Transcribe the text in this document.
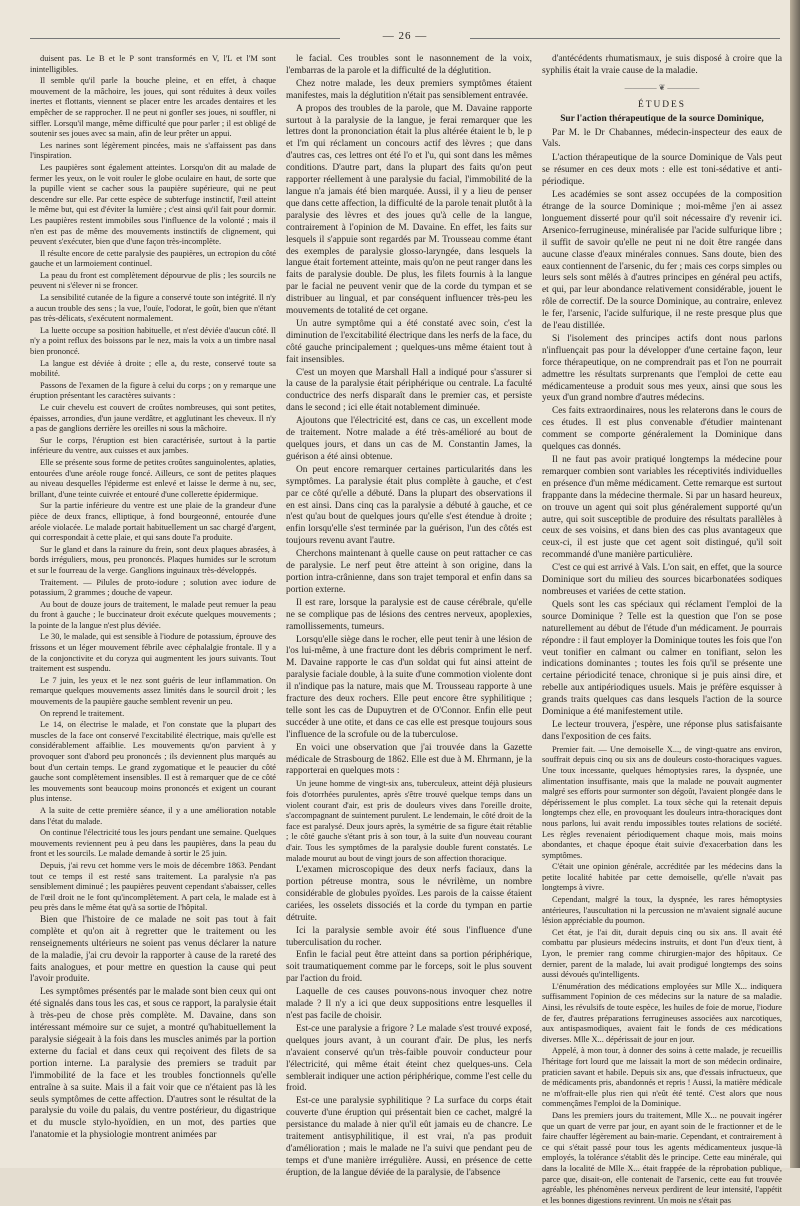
— 26 —

duisent pas. Le B et le P sont transformés en V, l'L et l'M sont inintelligibles.

Il semble qu'il parle la bouche pleine, et en effet, à chaque mouvement de la mâchoire, les joues, qui sont réduites à deux voiles inertes et flottants, viennent se placer entre les arcades dentaires et les empêcher de se rapprocher. Il ne peut ni gonfler ses joues, ni souffler, ni siffler. Lorsqu'il mange, même difficulté que pour parler ; il est obligé de soutenir ses joues avec sa main, afin de leur prêter un appui.

Les narines sont légèrement pincées, mais ne s'affaissent pas dans l'inspiration.

Les paupières sont également atteintes. Lorsqu'on dit au malade de fermer les yeux, on le voit rouler le globe oculaire en haut, de sorte que la pupille vient se cacher sous la paupière supérieure, qui ne peut descendre sur elle. Par cette espèce de subterfuge instinctif, l'œil atteint le même but, qui est d'éviter la lumière ; c'est ainsi qu'il fait pour dormir. Les paupières restent immobiles sous l'influence de la volonté ; mais il n'en est pas de même des mouvements instinctifs de clignement, qui peuvent s'exécuter, bien que d'une façon très-incomplète.

Il résulte encore de cette paralysie des paupières, un ectropion du côté gauche et un larmoiement continuel.

La peau du front est complètement dépourvue de plis ; les sourcils ne peuvent ni s'élever ni se froncer.

La sensibilité cutanée de la figure a conservé toute son intégrité. Il n'y a aucun trouble des sens ; la vue, l'ouïe, l'odorat, le goût, bien que n'étant pas très-délicats, s'exécutent normalement.

La luette occupe sa position habituelle, et n'est déviée d'aucun côté. Il n'y a point reflux des boissons par le nez, mais la voix a un timbre nasal bien prononcé.

La langue est déviée à droite ; elle a, du reste, conservé toute sa mobilité.

Passons de l'examen de la figure à celui du corps ; on y remarque une éruption présentant les caractères suivants :

Le cuir chevelu est couvert de croûtes nombreuses, qui sont petites, épaisses, arrondies, d'un jaune verdâtre, et agglutinant les cheveux. Il n'y a pas de ganglions derrière les oreilles ni sous la mâchoire.

Sur le corps, l'éruption est bien caractérisée, surtout à la partie inférieure du ventre, aux cuisses et aux jambes.

Elle se présente sous forme de petites croûtes sanguinolentes, aplaties, entourées d'une aréole rouge foncé. Ailleurs, ce sont de petites plaques au niveau desquelles l'épiderme est enlevé et laisse le derme à nu, sec, brillant, d'une teinte cuivrée et entouré d'une collerette épidermique.

Sur la partie inférieure du ventre est une plaie de la grandeur d'une pièce de deux francs, elliptique, à fond bourgeonné, entourée d'une aréole violacée. Le malade portait habituellement un sac chargé d'argent, qui correspondait à cette plaie, et qui sans doute l'a produite.

Sur le gland et dans la rainure du frein, sont deux plaques abrasées, à bords irréguliers, mous, peu prononcés. Plaques humides sur le scrotum et sur le fourreau de la verge. Ganglions inguinaux très-développés.

Traitement. — Pilules de proto-iodure ; solution avec iodure de potassium, 2 grammes ; douche de vapeur.

Au bout de douze jours de traitement, le malade peut remuer la peau du front à gauche ; le buccinateur droit exécute quelques mouvements ; la pointe de la langue n'est plus déviée.

Le 30, le malade, qui est sensible à l'iodure de potassium, éprouve des frissons et un léger mouvement fébrile avec céphalalgie frontale. Il y a de la conjonctivite et du coryza qui augmentent les jours suivants. Tout traitement est suspendu.

Le 7 juin, les yeux et le nez sont guéris de leur inflammation. On remarque quelques mouvements assez limités dans le sourcil droit ; les mouvements de la paupière gauche semblent revenir un peu.

On reprend le traitement.

Le 14, on électrise le malade, et l'on constate que la plupart des muscles de la face ont conservé l'excitabilité électrique, mais qu'elle est considérablement affaiblie. Les mouvements qu'on parvient à y provoquer sont d'abord peu prononcés ; ils deviennent plus marqués au bout d'un certain temps. Le grand zygomatique et le peaucier du côté gauche sont complètement insensibles. Il est à remarquer que de ce côté les mouvements sont beaucoup moins prononcés et exigent un courant plus intense.

A la suite de cette première séance, il y a une amélioration notable dans l'état du malade.

On continue l'électricité tous les jours pendant une semaine. Quelques mouvements reviennent peu à peu dans les paupières, dans la peau du front et les sourcils. Le malade demande à sortir le 25 juin.

Depuis, j'ai revu cet homme vers le mois de décembre 1863. Pendant tout ce temps il est resté sans traitement. La paralysie n'a pas sensiblement diminué ; les paupières peuvent cependant s'abaisser, celles de l'œil droit ne le font qu'incomplètement. A part cela, le malade est à peu près dans le même état qu'à sa sortie de l'hôpital.

Bien que l'histoire de ce malade ne soit pas tout à fait complète et qu'on ait à regretter que le traitement ou les renseignements ultérieurs ne soient pas venus déclarer la nature de la maladie, j'ai cru devoir la rapporter à cause de la rareté des faits analogues, et pour mettre en question la cause qui peut l'avoir produite.

Les symptômes présentés par le malade sont bien ceux qui ont été signalés dans tous les cas, et sous ce rapport, la paralysie était à très-peu de chose près complète. M. Davaine, dans son intéressant mémoire sur ce sujet, a montré qu'habituellement la paralysie siégeait à la fois dans les muscles animés par la portion externe du facial et dans ceux qui reçoivent des filets de sa portion interne. La paralysie des premiers se traduit par l'immobilité de la face et les troubles fonctionnels qu'elle entraîne à sa suite. Mais il a fait voir que ce n'étaient pas là les seuls symptômes de cette affection. D'autres sont le résultat de la paralysie du voile du palais, du ventre postérieur, du digastrique et du muscle stylo-hyoïdien, en un mot, des parties que l'anatomie et la physiologie montrent animées par

le facial. Ces troubles sont le nasonnement de la voix, l'embarras de la parole et la difficulté de la déglutition.

Chez notre malade, les deux premiers symptômes étaient manifestes, mais la déglutition n'était pas sensiblement entravée.

A propos des troubles de la parole, que M. Davaine rapporte surtout à la paralysie de la langue, je ferai remarquer que les lettres dont la prononciation était la plus altérée étaient le b, le p et l'm qui réclament un concours actif des lèvres ; que dans d'autres cas, ces lettres ont été l'o et l'u, qui sont dans les mêmes conditions. D'autre part, dans la plupart des faits qu'on peut rapporter réellement à une paralysie du facial, l'immobilité de la langue n'a jamais été bien marquée. Aussi, il y a lieu de penser que dans cette affection, la difficulté de la parole tenait plutôt à la paralysie des lèvres et des joues qu'à celle de la langue, contrairement à l'opinion de M. Davaine. En effet, les faits sur lesquels il s'appuie sont regardés par M. Trousseau comme étant des exemples de paralysie glosso-laryngée, dans lesquels la langue était fortement atteinte, mais qu'on ne peut ranger dans les faits de paralysie double. De plus, les filets fournis à la langue par le facial ne peuvent venir que de la corde du tympan et se distribuer au lingual, et par conséquent influencer très-peu les mouvements de totalité de cet organe.

Un autre symptôme qui a été constaté avec soin, c'est la diminution de l'excitabilité électrique dans les nerfs de la face, du côté gauche principalement ; quelques-uns même étaient tout à fait insensibles.

C'est un moyen que Marshall Hall a indiqué pour s'assurer si la cause de la paralysie était périphérique ou centrale. La faculté conductrice des nerfs disparaît dans le premier cas, et persiste dans le second ; ici elle était notablement diminuée.

Ajoutons que l'électricité est, dans ce cas, un excellent mode de traitement. Notre malade a été très-amélioré au bout de quelques jours, et dans un cas de M. Constantin James, la guérison a été ainsi obtenue.

On peut encore remarquer certaines particularités dans les symptômes. La paralysie était plus complète à gauche, et c'est par ce côté qu'elle a débuté. Dans la plupart des observations il en est ainsi. Dans cinq cas la paralysie a débuté à gauche, et ce n'est qu'au bout de quelques jours qu'elle s'est étendue à droite ; enfin lorsqu'elle s'est terminée par la guérison, l'un des côtés est toujours revenu avant l'autre.

Cherchons maintenant à quelle cause on peut rattacher ce cas de paralysie. Le nerf peut être atteint à son origine, dans la portion intra-crânienne, dans son trajet temporal et enfin dans sa portion externe.

Il est rare, lorsque la paralysie est de cause cérébrale, qu'elle ne se complique pas de lésions des centres nerveux, apoplexies, ramollissements, tumeurs.

Lorsqu'elle siège dans le rocher, elle peut tenir à une lésion de l'os lui-même, à une fracture dont les débris compriment le nerf. M. Davaine rapporte le cas d'un soldat qui fut ainsi atteint de paralysie faciale double, à la suite d'une commotion violente dont il n'indique pas la nature, mais que M. Trousseau rapporte à une fracture des deux rochers. Elle peut encore être syphilitique ; telle sont les cas de Dupuytren et de O'Connor. Enfin elle peut succéder à une otite, et dans ce cas elle est presque toujours sous l'influence de la scrofule ou de la tuberculose.

En voici une observation que j'ai trouvée dans la Gazette médicale de Strasbourg de 1862. Elle est due à M. Ehrmann, je la rapporterai en quelques mots :

Un jeune homme de vingt-six ans, tuberculeux, atteint déjà plusieurs fois d'otorrhées purulentes, après s'être trouvé quelque temps dans un violent courant d'air, est pris de douleurs vives dans l'oreille droite, s'accompagnant de suintement purulent. Le lendemain, le côté droit de la face est paralysé. Deux jours après, la symétrie de sa figure était rétablie ; le côté gauche s'étant pris à son tour, à la suite d'un nouveau courant d'air. Tous les symptômes de la paralysie double furent constatés. Le malade mourut au bout de vingt jours de son affection thoracique.

L'examen microscopique des deux nerfs faciaux, dans la portion pétreuse montra, sous le névrilème, un nombre considérable de globules pyoïdes. Les parois de la caisse étaient cariées, les osselets dissociés et la corde du tympan en partie détruite.

Ici la paralysie semble avoir été sous l'influence d'une tuberculisation du rocher.

Enfin le facial peut être atteint dans sa portion périphérique, soit traumatiquement comme par le forceps, soit le plus souvent par l'action du froid.

Laquelle de ces causes pouvons-nous invoquer chez notre malade ? Il n'y a ici que deux suppositions entre lesquelles il n'est pas facile de choisir.

Est-ce une paralysie a frigore ? Le malade s'est trouvé exposé, quelques jours avant, à un courant d'air. De plus, les nerfs n'avaient conservé qu'un très-faible pouvoir conducteur pour l'électricité, qui même était éteint chez quelques-uns. Cela semblerait indiquer une action périphérique, comme l'est celle du froid.

Est-ce une paralysie syphilitique ? La surface du corps était couverte d'une éruption qui présentait bien ce cachet, malgré la persistance du malade à nier qu'il eût jamais eu de chancre. Le traitement antisyphilitique, il est vrai, n'a pas produit d'amélioration ; mais le malade ne l'a suivi que pendant peu de temps et d'une manière irrégulière. Aussi, en présence de cette éruption, de la langue déviée de la paralysie, de l'absence

d'antécédents rhumatismaux, je suis disposé à croire que la syphilis était la vraie cause de la maladie.

———— ❦ ————
ÉTUDES
Sur l'action thérapeutique de la source Dominique,

Par M. le Dr Chabannes, médecin-inspecteur des eaux de Vals.

L'action thérapeutique de la source Dominique de Vals peut se résumer en ces deux mots : elle est toni-sédative et anti-périodique.

Les académies se sont assez occupées de la composition étrange de la source Dominique ; moi-même j'en ai assez longuement disserté pour qu'il soit nécessaire d'y revenir ici. Arsenico-ferrugineuse, minéralisée par l'acide sulfurique libre ; il suffit de savoir qu'elle ne peut ni ne doit être rangée dans aucune classe d'eaux minérales connues. Sans doute, bien des eaux contiennent de l'arsenic, du fer ; mais ces corps simples ou leurs sels sont mêlés à d'autres principes en général peu actifs, et qui, par leur abondance relativement considérable, jouent le rôle de correctif. De la source Dominique, au contraire, enlevez le fer, l'arsenic, l'acide sulfurique, il ne reste presque plus que de l'eau distillée.

Si l'isolement des principes actifs dont nous parlons n'influençait pas pour la développer d'une certaine façon, leur force thérapeutique, on ne comprendrait pas et l'on ne pourrait admettre les résultats surprenants que l'emploi de cette eau médicamenteuse a produit sous mes yeux, ainsi que sous les yeux d'un grand nombre d'autres médecins.

Ces faits extraordinaires, nous les relaterons dans le cours de ces études. Il est plus convenable d'étudier maintenant comment se comporte généralement la Dominique dans quelques cas donnés.

Il ne faut pas avoir pratiqué longtemps la médecine pour remarquer combien sont variables les réceptivités individuelles en présence d'un même médicament. Cette remarque est surtout frappante dans la médecine thermale. Si par un hasard heureux, on trouve un agent qui soit plus généralement supporté qu'un autre, qui soit susceptible de produire des résultats parallèles à ceux de ses voisins, et dans bien des cas plus avantageux que ceux-ci, il est juste que cet agent soit distingué, qu'il soit recommandé d'une manière particulière.

C'est ce qui est arrivé à Vals. L'on sait, en effet, que la source Dominique sort du milieu des sources bicarbonatées sodiques nombreuses et variées de cette station.

Quels sont les cas spéciaux qui réclament l'emploi de la source Dominique ? Telle est la question que l'on se pose naturellement au début de l'étude d'un médicament. Je pourrais répondre : il faut employer la Dominique toutes les fois que l'on veut tonifier en calmant ou calmer en tonifiant, selon les indications dominantes ; toutes les fois qu'il se présente une certaine périodicité tenace, chronique si je puis ainsi dire, et rebelle aux antipériodiques usuels. Mais je préfère esquisser à grands traits quelques cas dans lesquels l'action de la source Dominique a été manifestement utile.

Le lecteur trouvera, j'espère, une réponse plus satisfaisante dans l'exposition de ces faits.

Premier fait. — Une demoiselle X..., de vingt-quatre ans environ, souffrait depuis cinq ou six ans de douleurs costo-thoraciques vagues. Une toux incessante, quelques hémoptysies rares, la dyspnée, une alimentation insuffisante, mais que la malade ne pouvait augmenter malgré ses efforts pour surmonter son dégoût, l'avaient plongée dans le dépérissement le plus complet. La toux sèche qui la retenait depuis longtemps chez elle, en provoquant les douleurs intra-thoraciques dont nous parlons, lui avait rendu impossibles toutes relations de société. Les règles revenaient périodiquement chaque mois, mais moins abondantes, et chaque époque était suivie d'exacerbation dans les symptômes.

C'était une opinion générale, accréditée par les médecins dans la petite localité habitée par cette demoiselle, qu'elle n'avait pas longtemps à vivre.

Cependant, malgré la toux, la dyspnée, les rares hémoptysies antérieures, l'auscultation ni la percussion ne m'avaient signalé aucune lésion appréciable du poumon.

Cet état, je l'ai dit, durait depuis cinq ou six ans. Il avait été combattu par plusieurs médecins instruits, et dont l'un d'eux tient, à Lyon, le premier rang comme chirurgien-major des hôpitaux. Ce dernier, parent de la malade, lui avait prodigué longtemps des soins aussi dévoués qu'intelligents.

L'énumération des médications employées sur Mlle X... indiquera suffisamment l'opinion de ces médecins sur la nature de sa maladie. Ainsi, les révulsifs de toute espèce, les huiles de foie de morue, l'iodure de fer, d'autres préparations ferrugineuses associées aux narcotiques, aux antispasmodiques, avaient fait le fonds de ces médications diverses. Mlle X... dépérissait de jour en jour.

Appelé, à mon tour, à donner des soins à cette malade, je recueillis l'héritage fort lourd que me laissait la mort de son médecin ordinaire, praticien savant et habile. Depuis six ans, que d'essais infructueux, que de médicaments pris, abandonnés et repris ! Aussi, la matière médicale ne m'offrait-elle plus rien qui n'eût été tenté. C'est alors que nous commençâmes l'emploi de la Dominique.

Dans les premiers jours du traitement, Mlle X... ne pouvait ingérer que un quart de verre par jour, en ayant soin de le fractionner et de le faire chauffer légèrement au bain-marie. Cependant, et contrairement à ce qui s'était passé pour tous les agents médicamenteux jusque-là employés, la tolérance s'établit dès le principe. Cette eau minérale, qui dans la localité de Mlle X... était frappée de la réprobation publique, parce que, disait-on, elle contenait de l'arsenic, cette eau fut trouvée agréable, les phénomènes nerveux perdirent de leur intensité, l'appétit et les bonnes digestions revinrent. Un mois ne s'était pas
